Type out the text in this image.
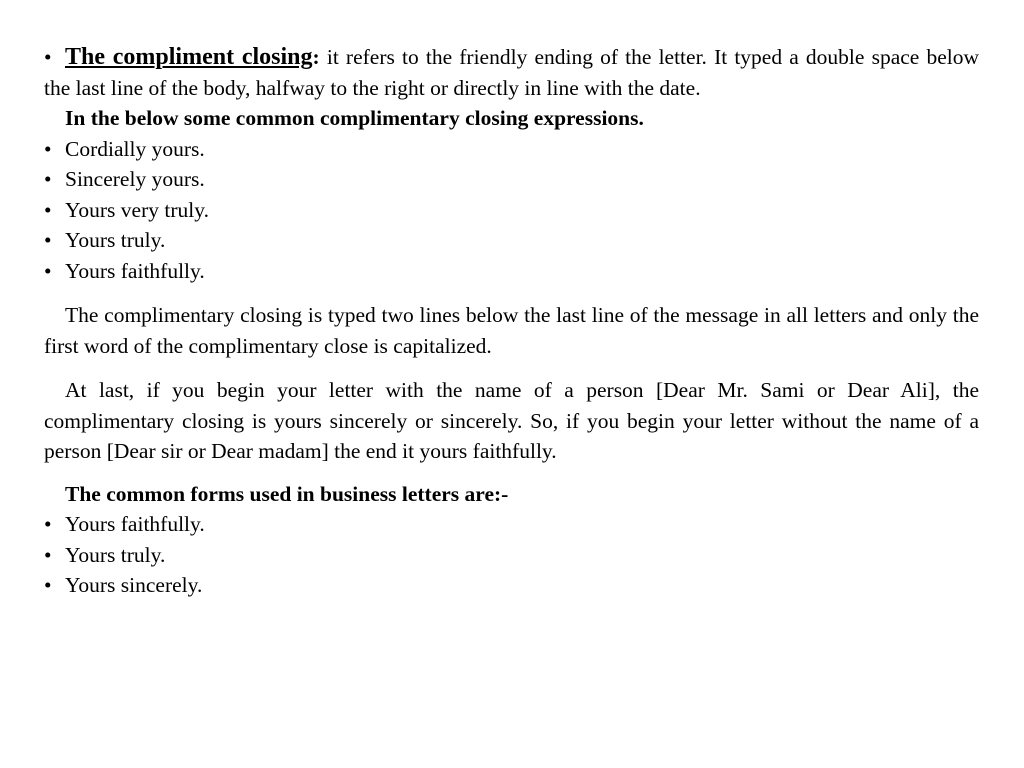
• The compliment closing: it refers to the friendly ending of the letter. It typed a double space below the last line of the body, halfway to the right or directly in line with the date.

In the below some common complimentary closing expressions.

• Cordially yours.
• Sincerely yours.
• Yours very truly.
• Yours truly.
• Yours faithfully.

The complimentary closing is typed two lines below the last line of the message in all letters and only the first word of the complimentary close is capitalized.

At last, if you begin your letter with the name of a person [Dear Mr. Sami or Dear Ali], the complimentary closing is yours sincerely or sincerely. So, if you begin your letter without the name of a person [Dear sir or Dear madam] the end it yours faithfully.

The common forms used in business letters are:-

• Yours faithfully.
• Yours truly.
• Yours sincerely.
